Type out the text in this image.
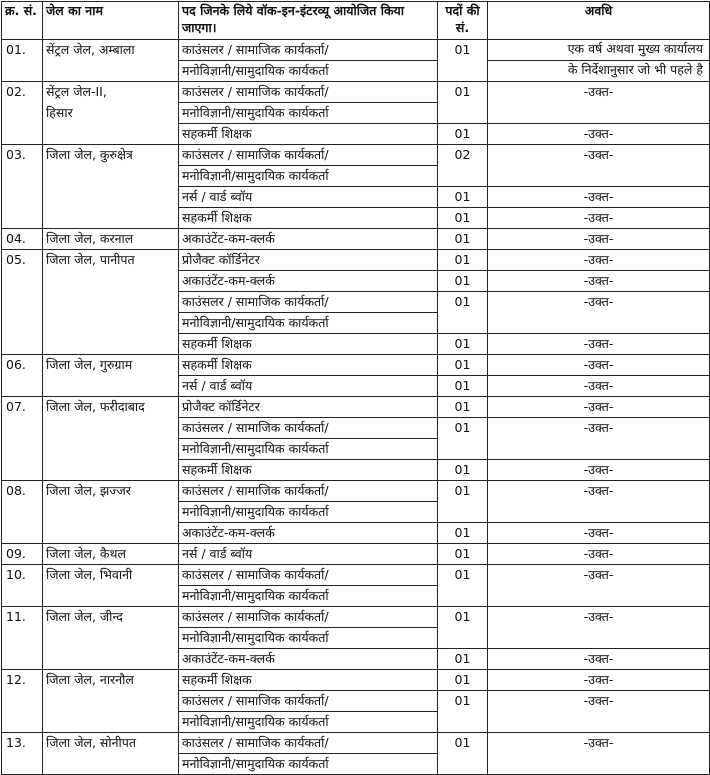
क्र. सं.	जेल का नाम	पद जिनके लिये वॉक-इन-इंटरव्यू आयोजित किया जाएगा।	पदों की सं.	अवधि
01.	सेंट्रल जेल, अम्बाला	काउंसलर / सामाजिक कार्यकर्ता/	01	एक वर्ष अथवा मुख्य कार्यालय
		मनोविज्ञानी/सामुदायिक कार्यकर्ता		के निर्देशानुसार जो भी पहले है
02.	सेंट्रल जेल-II,	काउंसलर / सामाजिक कार्यकर्ता/	01	-उक्त-
	हिसार	मनोविज्ञानी/सामुदायिक कार्यकर्ता		
		सहकर्मी शिक्षक	01	-उक्त-
03.	जिला जेल, कुरुक्षेत्र	काउंसलर / सामाजिक कार्यकर्ता/	02	-उक्त-
		मनोविज्ञानी/सामुदायिक कार्यकर्ता		
		नर्स / वार्ड ब्वॉय	01	-उक्त-
		सहकर्मी शिक्षक	01	-उक्त-
04.	जिला जेल, करनाल	अकाउंटेंट-कम-क्लर्क	01	-उक्त-
05.	जिला जेल, पानीपत	प्रोजैक्ट कॉर्डिनेटर	01	-उक्त-
		अकाउंटेंट-कम-क्लर्क	01	-उक्त-
		काउंसलर / सामाजिक कार्यकर्ता/	01	-उक्त-
		मनोविज्ञानी/सामुदायिक कार्यकर्ता		
		सहकर्मी शिक्षक	01	-उक्त-
06.	जिला जेल, गुरुग्राम	सहकर्मी शिक्षक	01	-उक्त-
		नर्स / वार्ड ब्वॉय	01	-उक्त-
07.	जिला जेल, फरीदाबाद	प्रोजैक्ट कॉर्डिनेटर	01	-उक्त-
		काउंसलर / सामाजिक कार्यकर्ता/	01	-उक्त-
		मनोविज्ञानी/सामुदायिक कार्यकर्ता		
		सहकर्मी शिक्षक	01	-उक्त-
08.	जिला जेल, झज्जर	काउंसलर / सामाजिक कार्यकर्ता/	01	-उक्त-
		मनोविज्ञानी/सामुदायिक कार्यकर्ता		
		अकाउंटेंट-कम-क्लर्क	01	-उक्त-
09.	जिला जेल, कैथल	नर्स / वार्ड ब्वॉय	01	-उक्त-
10.	जिला जेल, भिवानी	काउंसलर / सामाजिक कार्यकर्ता/	01	-उक्त-
		मनोविज्ञानी/सामुदायिक कार्यकर्ता		
11.	जिला जेल, जीन्द	काउंसलर / सामाजिक कार्यकर्ता/	01	-उक्त-
		मनोविज्ञानी/सामुदायिक कार्यकर्ता		
		अकाउंटेंट-कम-क्लर्क	01	-उक्त-
12.	जिला जेल, नारनौल	सहकर्मी शिक्षक	01	-उक्त-
		काउंसलर / सामाजिक कार्यकर्ता/	01	-उक्त-
		मनोविज्ञानी/सामुदायिक कार्यकर्ता		
13.	जिला जेल, सोनीपत	काउंसलर / सामाजिक कार्यकर्ता/	01	-उक्त-
		मनोविज्ञानी/सामुदायिक कार्यकर्ता		
